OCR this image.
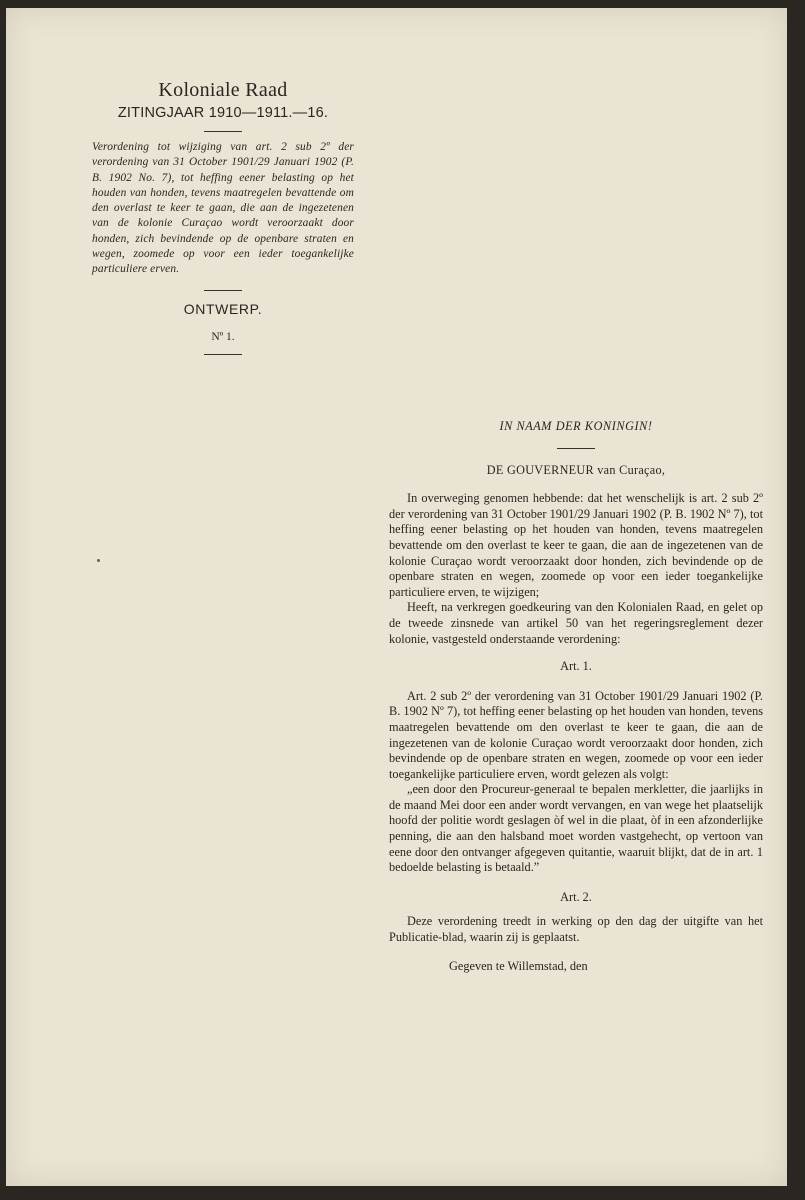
Koloniale Raad
ZITINGJAAR 1910—1911.—16.
Verordening tot wijziging van art. 2 sub 2º der verordening van 31 October 1901/29 Januari 1902 (P. B. 1902 No. 7), tot heffing eener belasting op het houden van honden, tevens maatregelen bevattende om den overlast te keer te gaan, die aan de ingezetenen van de kolonie Curaçao wordt veroorzaakt door honden, zich bevindende op de openbare straten en wegen, zoomede op voor een ieder toegankelijke particuliere erven.
ONTWERP.
Nº 1.
IN NAAM DER KONINGIN!
DE GOUVERNEUR van Curaçao,

In overweging genomen hebbende: dat het wenschelijk is art. 2 sub 2º der verordening van 31 October 1901/29 Januari 1902 (P. B. 1902 Nº 7), tot heffing eener belasting op het houden van honden, tevens maatregelen bevattende om den overlast te keer te gaan, die aan de ingezetenen van de kolonie Curaçao wordt veroorzaakt door honden, zich bevindende op de openbare straten en wegen, zoomede op voor een ieder toegankelijke particuliere erven, te wijzigen;

Heeft, na verkregen goedkeuring van den Kolonialen Raad, en gelet op de tweede zinsnede van artikel 50 van het regeringsreglement dezer kolonie, vastgesteld onderstaande verordening:

Art. 1.

Art. 2 sub 2º der verordening van 31 October 1901/29 Januari 1902 (P. B. 1902 Nº 7), tot heffing eener belasting op het houden van honden, tevens maatregelen bevattende om den overlast te keer te gaan, die aan de ingezetenen van de kolonie Curaçao wordt veroorzaakt door honden, zich bevindende op de openbare straten en wegen, zoomede op voor een ieder toegankelijke particuliere erven, wordt gelezen als volgt:

„een door den Procureur-generaal te bepalen merkletter, die jaarlijks in de maand Mei door een ander wordt vervangen, en van wege het plaatselijk hoofd der politie wordt geslagen òf wel in die plaat, òf in een afzonderlijke penning, die aan den halsband moet worden vastgehecht, op vertoon van eene door den ontvanger afgegeven quitantie, waaruit blijkt, dat de in art. 1 bedoelde belasting is betaald.”

Art. 2.

Deze verordening treedt in werking op den dag der uitgifte van het Publicatie-blad, waarin zij is geplaatst.

Gegeven te Willemstad, den
